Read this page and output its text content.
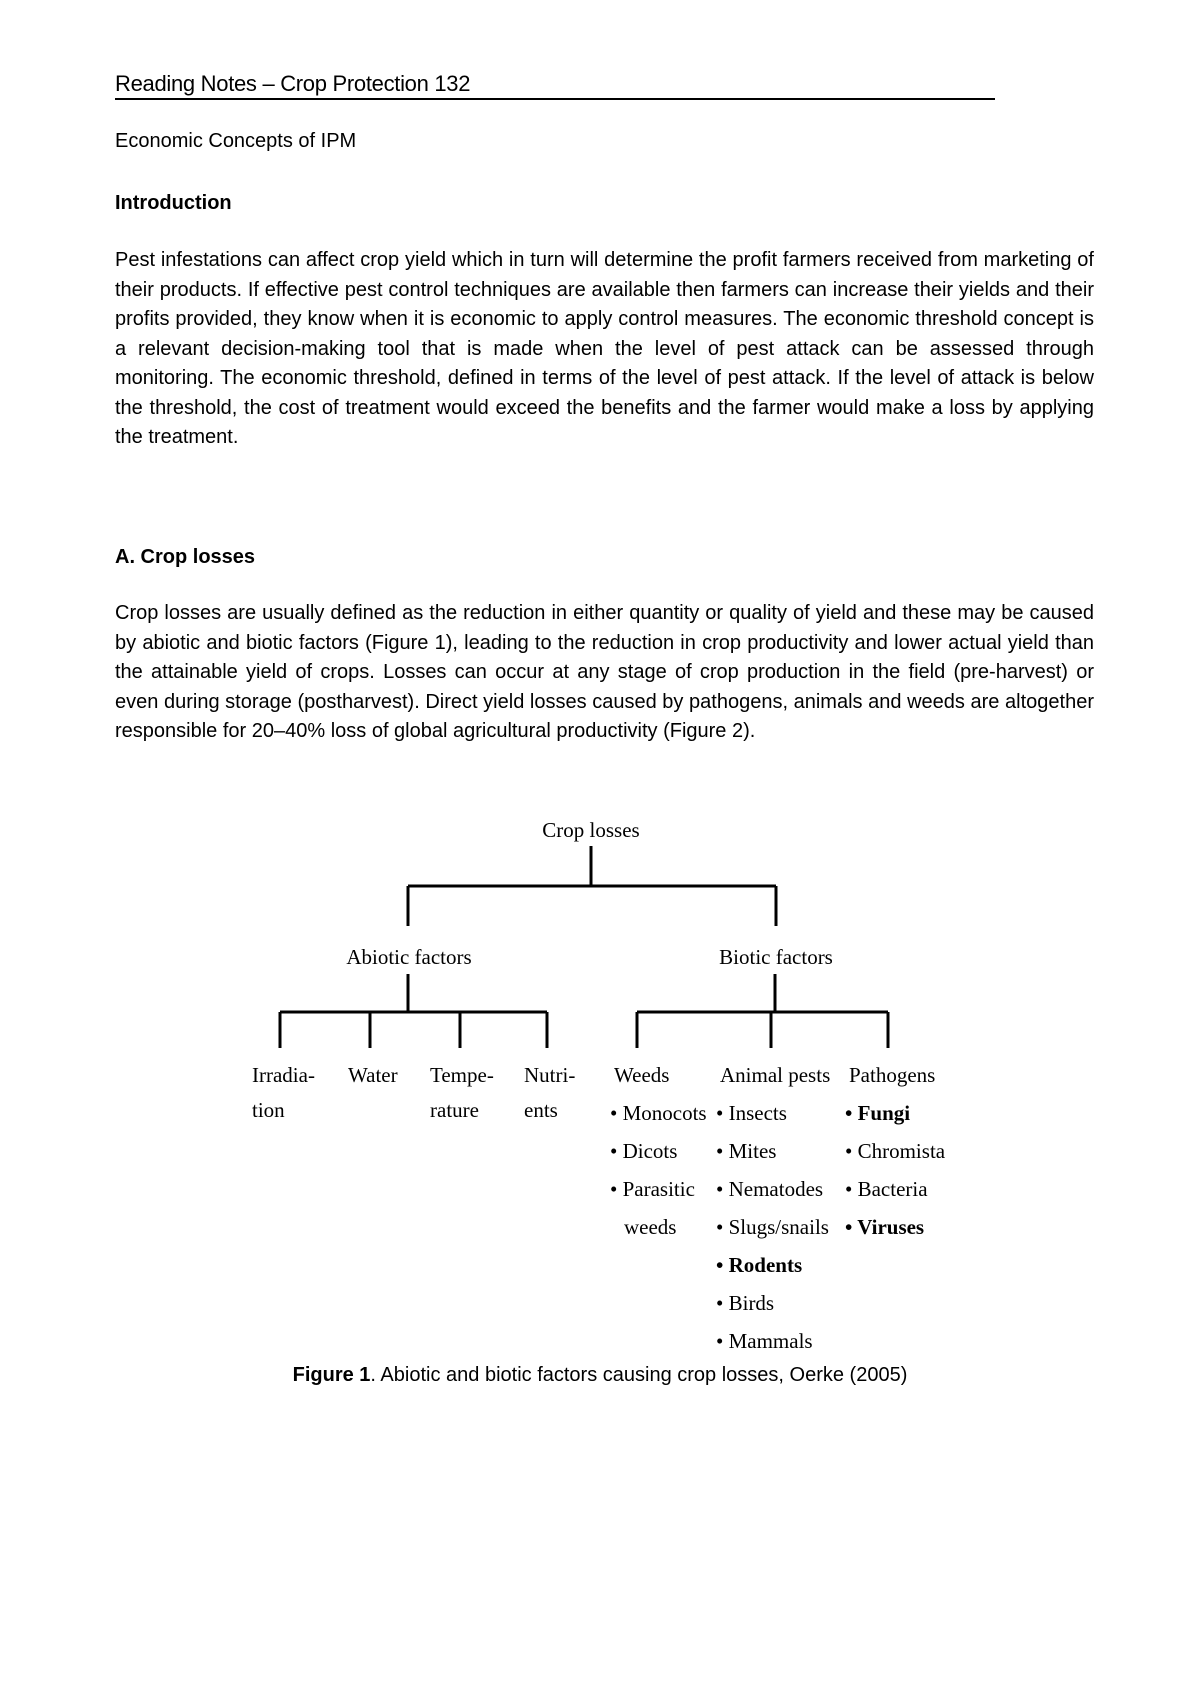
Reading Notes – Crop Protection 132
Economic Concepts of IPM
Introduction

Pest infestations can affect crop yield which in turn will determine the profit farmers received from marketing of their products. If effective pest control techniques are available then farmers can increase their yields and their profits provided, they know when it is economic to apply control measures. The economic threshold concept is a relevant decision-making tool that is made when the level of pest attack can be assessed through monitoring. The economic threshold, defined in terms of the level of pest attack. If the level of attack is below the threshold, the cost of treatment would exceed the benefits and the farmer would make a loss by applying the treatment.

A. Crop losses

Crop losses are usually defined as the reduction in either quantity or quality of yield and these may be caused by abiotic and biotic factors (Figure 1), leading to the reduction in crop productivity and lower actual yield than the attainable yield of crops. Losses can occur at any stage of crop production in the field (pre-harvest) or even during storage (postharvest). Direct yield losses caused by pathogens, animals and weeds are altogether responsible for 20–40% loss of global agricultural productivity (Figure 2).

Crop losses
Abiotic factors	Biotic factors
Irradia-
tion
Water Tempe-
rature
Nutri-
ents
Weeds
• Monocots
• Dicots
• Parasitic
weeds
Animal pests
• Insects
• Mites
• Nematodes
• Slugs/snails
• Rodents
• Birds
• Mammals
Pathogens
• Fungi
• Chromista
• Bacteria
• Viruses
Figure 1. Abiotic and biotic factors causing crop losses, Oerke (2005)
